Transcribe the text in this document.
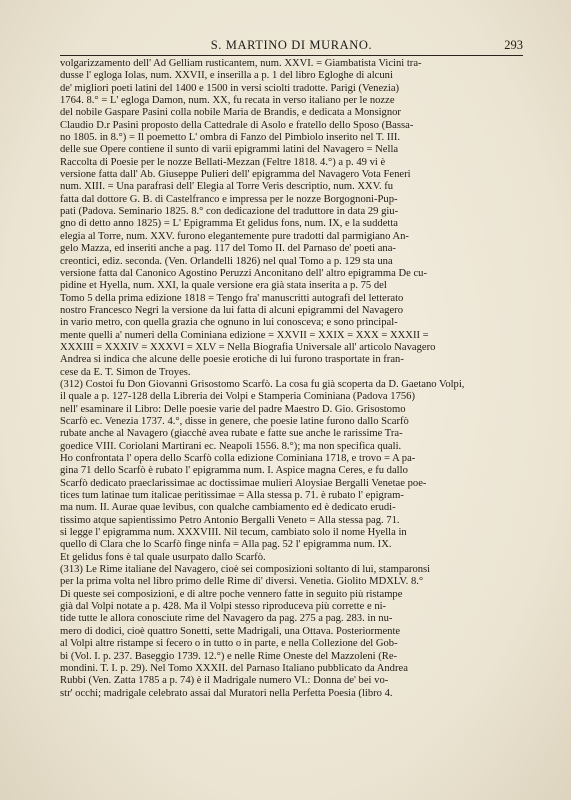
S. MARTINO DI MURANO.	293
volgarizzamento dell' Ad Gelliam rusticantem, num. XXVI. = Giambatista Vicini tra-
dusse l' egloga Iolas, num. XXVII, e inserilla a p. 1 del libro Egloghe di alcuni
de' migliori poeti latini del 1400 e 1500 in versi sciolti tradotte. Parigi (Venezia)
1764. 8.° = L' egloga Damon, num. XX, fu recata in verso italiano per le nozze
del nobile Gaspare Pasini colla nobile Maria de Brandis, e dedicata a Monsignor
Claudio D.r Pasini proposto della Cattedrale di Asolo e fratello dello Sposo (Bassa-
no 1805. in 8.°) = Il poemetto L' ombra di Fanzo del Pimbiolo inserito nel T. III.
delle sue Opere contiene il sunto di varii epigrammi latini del Navagero = Nella
Raccolta di Poesie per le nozze Bellati-Mezzan (Feltre 1818. 4.°) a p. 49 vi è
versione fatta dall' Ab. Giuseppe Pulieri dell' epigramma del Navagero Vota Feneri
num. XIII. = Una parafrasi dell' Elegia al Torre Veris descriptio, num. XXV. fu
fatta dal dottore G. B. di Castelfranco e impressa per le nozze Borgognoni-Pup-
pati (Padova. Seminario 1825. 8.° con dedicazione del traduttore in data 29 giu-
gno di detto anno 1825) = L' Epigramma Et gelidus fons, num. IX, e la suddetta
elegia al Torre, num. XXV. furono elegantemente pure tradotti dal parmigiano An-
gelo Mazza, ed inseriti anche a pag. 117 del Tomo II. del Parnaso de' poeti ana-
creontici, ediz. seconda. (Ven. Orlandelli 1826) nel qual Tomo a p. 129 sta una
versione fatta dal Canonico Agostino Peruzzi Anconitano dell' altro epigramma De cu-
pidine et Hyella, num. XXI, la quale versione era già stata inserita a p. 75 del
Tomo 5 della prima edizione 1818 = Tengo fra' manuscritti autografi del letterato
nostro Francesco Negri la versione da lui fatta di alcuni epigrammi del Navagero
in vario metro, con quella grazia che ognuno in lui conosceva; e sono principal-
mente quelli a' numeri della Cominiana edizione = XXVII = XXIX = XXX = XXXII =
XXXIII = XXXIV = XXXVI = XLV = Nella Biografia Universale all' articolo Navagero
Andrea si indica che alcune delle poesie erotiche di lui furono trasportate in fran-
cese da E. T. Simon de Troyes.
(312) Costoi fu Don Giovanni Grisostomo Scarfò. La cosa fu già scoperta da D. Gaetano Volpi,
il quale a p. 127-128 della Libreria dei Volpi e Stamperia Cominiana (Padova 1756)
nell' esaminare il Libro: Delle poesie varie del padre Maestro D. Gio. Grisostomo
Scarfò ec. Venezia 1737. 4.°, disse in genere, che poesie latine furono dallo Scarfò
rubate anche al Navagero (giacchè avea rubate e fatte sue anche le rarissime Tra-
goedice VIII. Coriolani Martirani ec. Neapoli 1556. 8.°); ma non specifica quali.
Ho confrontata l' opera dello Scarfò colla edizione Cominiana 1718, e trovo = A pa-
gina 71 dello Scarfò è rubato l' epigramma num. I. Aspice magna Ceres, e fu dallo
Scarfò dedicato praeclarissimae ac doctissimae mulieri Aloysiae Bergalli Venetae poe-
tices tum latinae tum italicae peritissimae = Alla stessa p. 71. è rubato l' epigram-
ma num. II. Aurae quae levibus, con qualche cambiamento ed è dedicato erudi-
tissimo atque sapientissimo Petro Antonio Bergalli Veneto = Alla stessa pag. 71.
si legge l' epigramma num. XXXVIII. Nil tecum, cambiato solo il nome Hyella in
quello di Clara che lo Scarfò finge ninfa = Alla pag. 52 l' epigramma num. IX.
Et gelidus fons è tal quale usurpato dallo Scarfò.
(313) Le Rime italiane del Navagero, cioè sei composizioni soltanto di lui, stamparonsi
per la prima volta nel libro primo delle Rime di' diversi. Venetia. Giolito MDXLV. 8.°
Di queste sei composizioni, e di altre poche vennero fatte in seguito più ristampe
già dal Volpi notate a p. 428. Ma il Volpi stesso riproduceva più corrette e ni-
tide tutte le allora conosciute rime del Navagero da pag. 275 a pag. 283. in nu-
mero di dodici, cioè quattro Sonetti, sette Madrigali, una Ottava. Posteriormente
al Volpi altre ristampe si fecero o in tutto o in parte, e nella Collezione del Gob-
bi (Vol. I. p. 237. Baseggio 1739. 12.°) e nelle Rime Oneste del Mazzoleni (Re-
mondini. T. I. p. 29). Nel Tomo XXXII. del Parnaso Italiano pubblicato da Andrea
Rubbi (Ven. Zatta 1785 a p. 74) è il Madrigale numero VI.: Donna de' bei vo-
str' occhi; madrigale celebrato assai dal Muratori nella Perfetta Poesia (libro 4.
